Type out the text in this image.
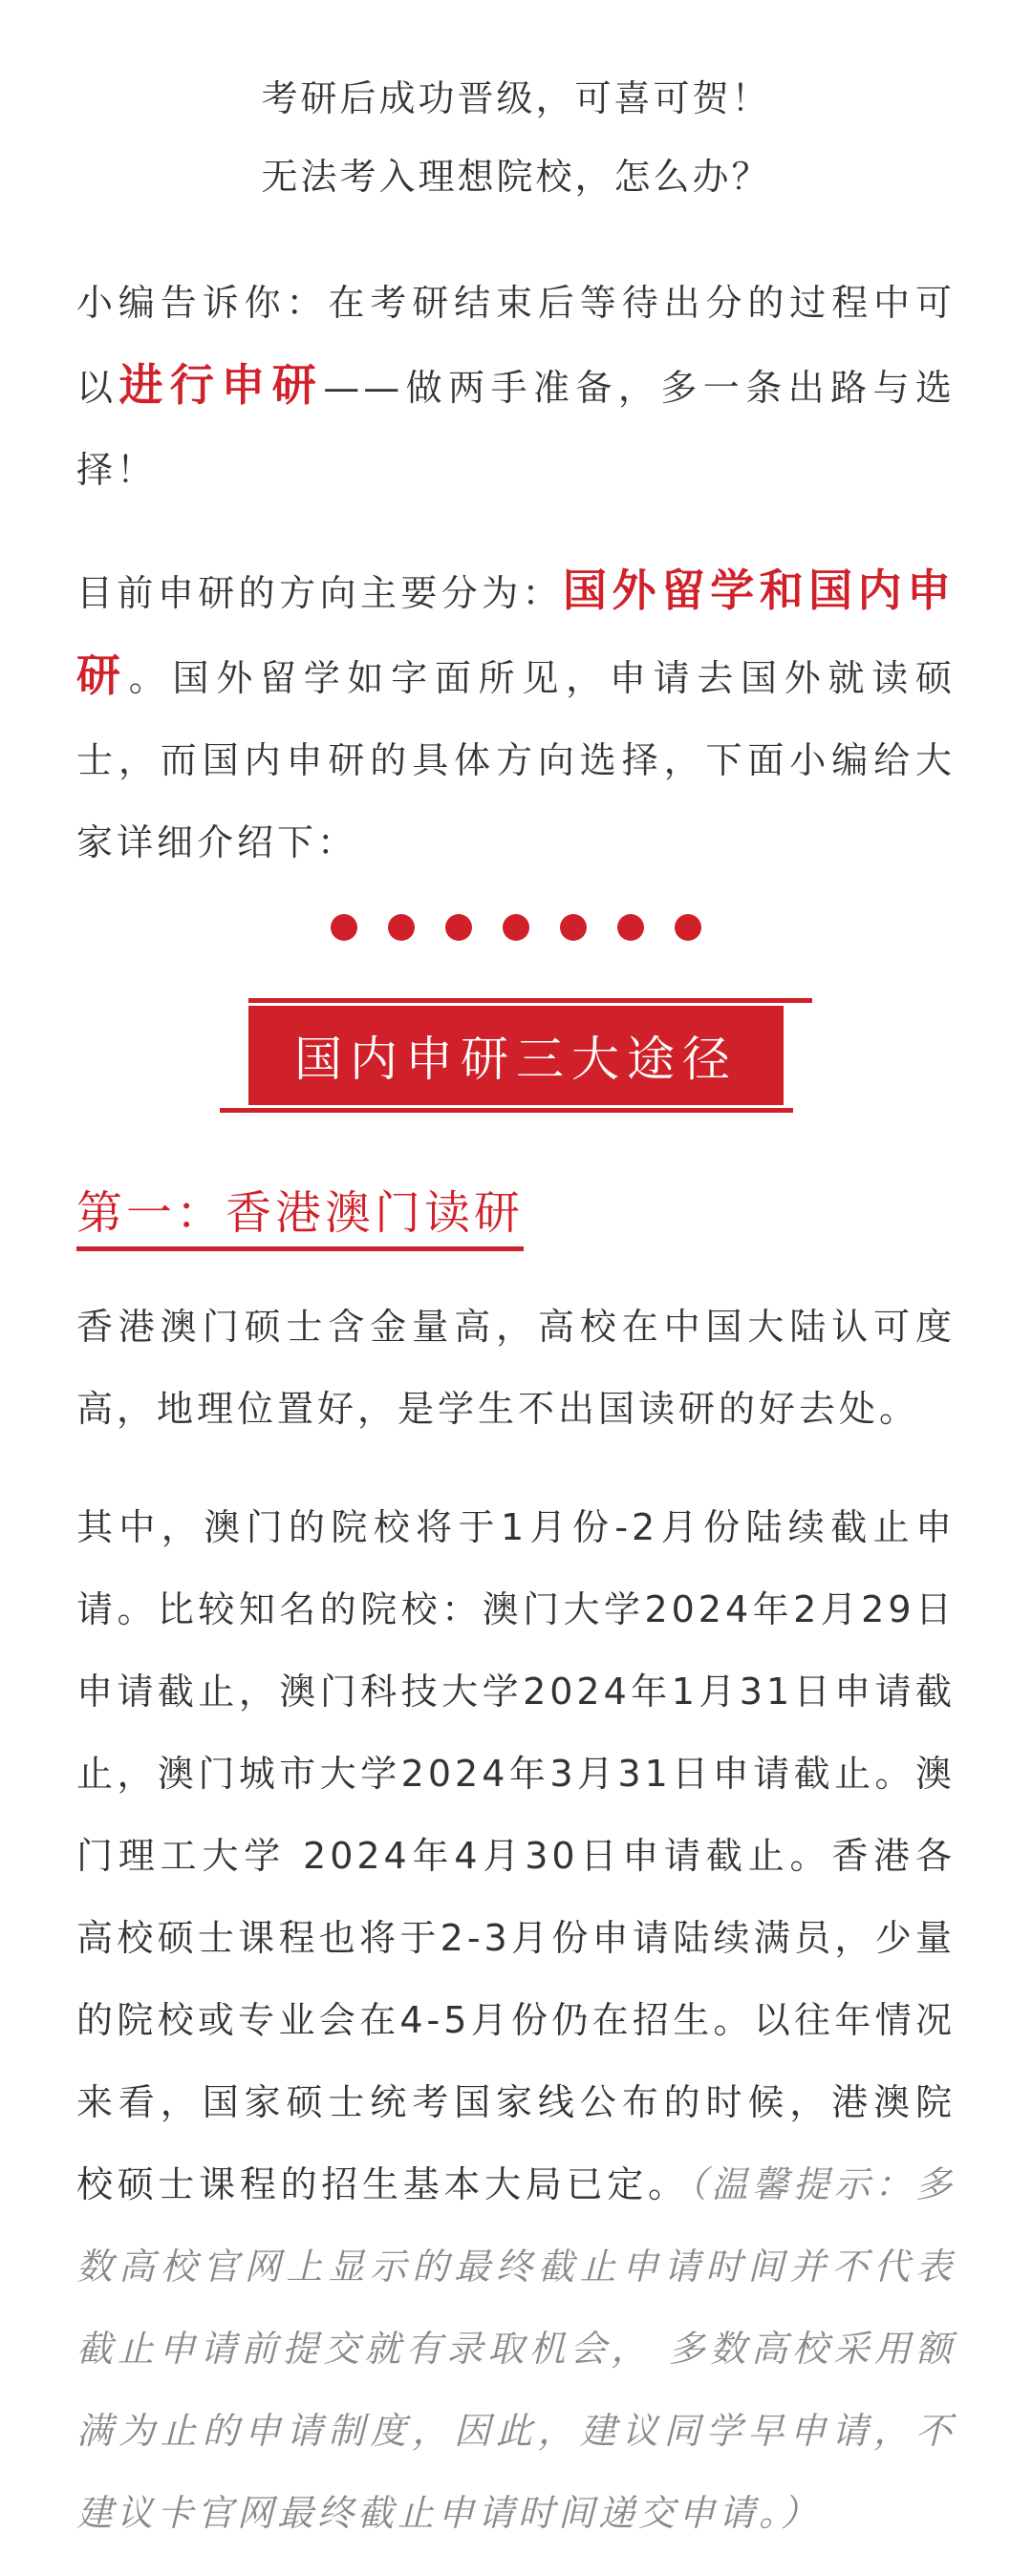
考研后成功晋级，可喜可贺！

无法考入理想院校，怎么办？

小编告诉你：在考研结束后等待出分的过程中可以进行申研——做两手准备，多一条出路与选择！

目前申研的方向主要分为：国外留学和国内申研。国外留学如字面所见，申请去国外就读硕士，而国内申研的具体方向选择，下面小编给大家详细介绍下：

国内申研三大途径
第一：香港澳门读研

香港澳门硕士含金量高，高校在中国大陆认可度高，地理位置好，是学生不出国读研的好去处。

其中，澳门的院校将于1月份-2月份陆续截止申请。比较知名的院校：澳门大学2024年2月29日申请截止，澳门科技大学2024年1月31日申请截止，澳门城市大学2024年3月31日申请截止。澳门理工大学 2024年4月30日申请截止。香港各高校硕士课程也将于2-3月份申请陆续满员，少量的院校或专业会在4-5月份仍在招生。以往年情况来看，国家硕士统考国家线公布的时候，港澳院校硕士课程的招生基本大局已定。（温馨提示：多数高校官网上显示的最终截止申请时间并不代表截止申请前提交就有录取机会， 多数高校采用额满为止的申请制度，因此，建议同学早申请，不建议卡官网最终截止申请时间递交申请。）
